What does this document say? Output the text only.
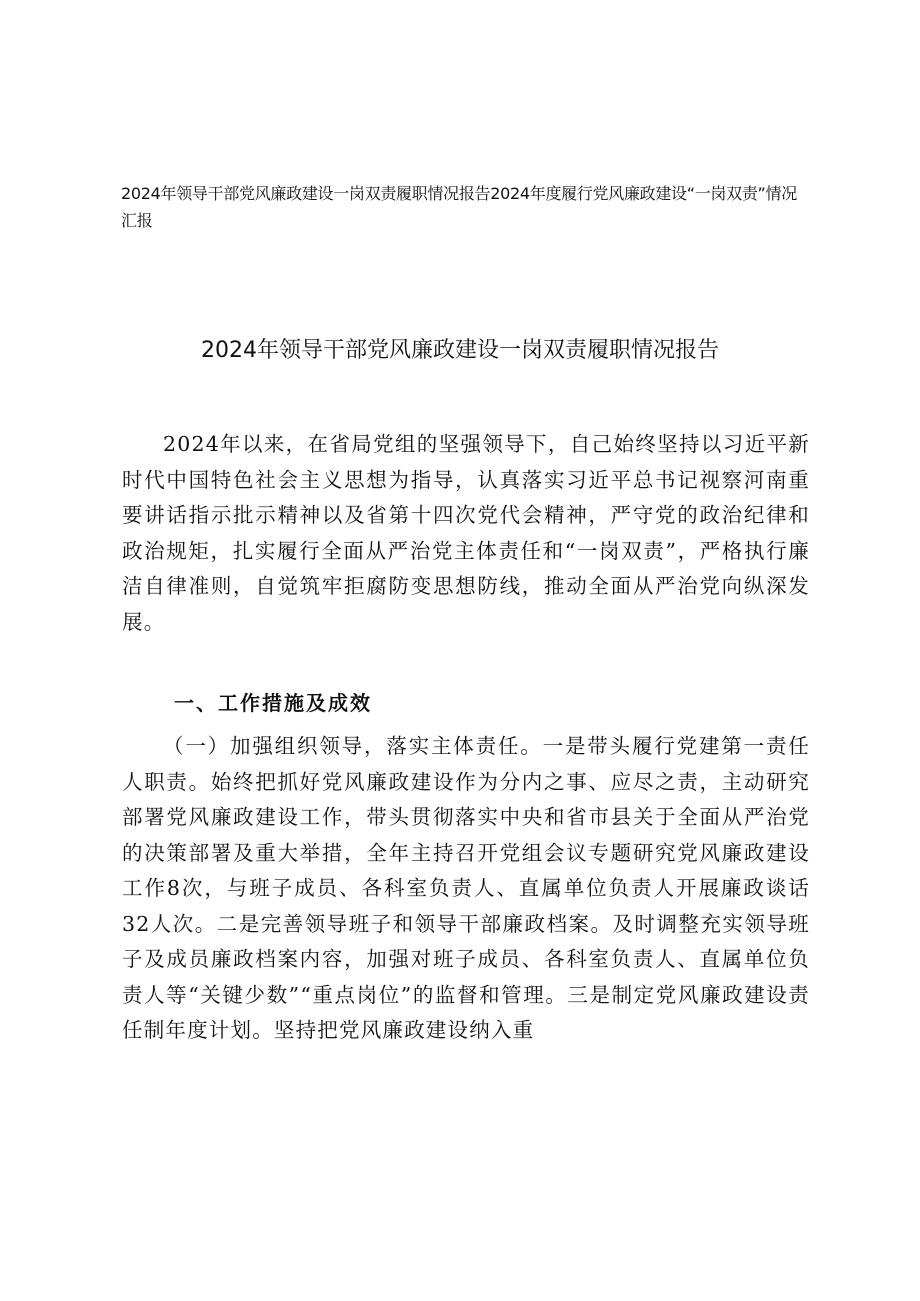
2024年领导干部党风廉政建设一岗双责履职情况报告2024年度履行党风廉政建设“一岗双责”情况汇报
2024年领导干部党风廉政建设一岗双责履职情况报告

2024年以来，在省局党组的坚强领导下，自己始终坚持以习近平新时代中国特色社会主义思想为指导，认真落实习近平总书记视察河南重要讲话指示批示精神以及省第十四次党代会精神，严守党的政治纪律和政治规矩，扎实履行全面从严治党主体责任和“一岗双责”，严格执行廉洁自律准则，自觉筑牢拒腐防变思想防线，推动全面从严治党向纵深发展。

一、工作措施及成效

（一）加强组织领导，落实主体责任。一是带头履行党建第一责任人职责。始终把抓好党风廉政建设作为分内之事、应尽之责，主动研究部署党风廉政建设工作，带头贯彻落实中央和省市县关于全面从严治党的决策部署及重大举措，全年主持召开党组会议专题研究党风廉政建设工作8次，与班子成员、各科室负责人、直属单位负责人开展廉政谈话32人次。二是完善领导班子和领导干部廉政档案。及时调整充实领导班子及成员廉政档案内容，加强对班子成员、各科室负责人、直属单位负责人等“关键少数”“重点岗位”的监督和管理。三是制定党风廉政建设责任制年度计划。坚持把党风廉政建设纳入重
